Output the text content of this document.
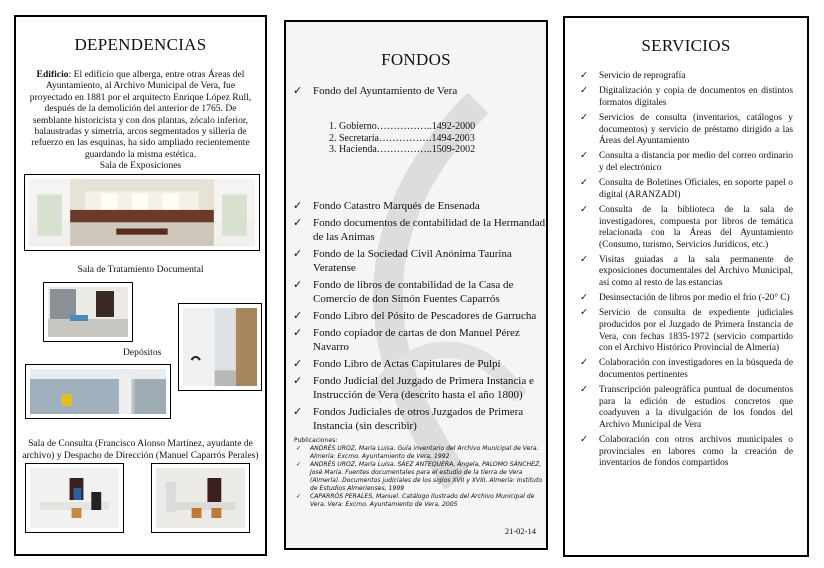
DEPENDENCIAS

Edificio: El edificio que alberga, entre otras Áreas del Ayuntamiento, al Archivo Municipal de Vera, fue proyectado en 1881 por el arquitecto Enrique López Rull, después de la demolición del anterior de 1765. De semblante historicista y con dos plantas, zócalo inferior, balaustradas y simetría, arcos segmentados y sillería de refuerzo en las esquinas, ha sido ampliado recientemente guardando la misma estética.

Sala de Exposiciones
Sala de Tratamiento Documental
Depósitos
Sala de Consulta (Francisco Alonso Martínez, ayudante de archivo) y Despacho de Dirección (Manuel Caparrós Perales)
FONDOS
✓ Fondo del Ayuntamiento de Vera

1. Gobierno……………..1492-2000

2. Secretaría…………….1494-2003

3. Hacienda……………..1509-2002

✓ Fondo Catastro Marqués de Ensenada
✓ Fondo documentos de contabilidad de la Hermandad de las Animas
✓ Fondo de la Sociedad Civil Anónima Taurina Veratense
✓ Fondo de libros de contabilidad de la Casa de Comercio de don Simón Fuentes Caparrós
✓ Fondo Libro del Pósito de Pescadores de Garrucha
✓ Fondo copiador de cartas de don Manuel Pérez Navarro
✓ Fondo Libro de Actas Capitulares de Pulpí
✓ Fondo Judicial del Juzgado de Primera Instancia e Instrucción de Vera (descrito hasta el año 1800)
✓ Fondos Judiciales de otros Juzgados de Primera Instancia (sin describir)
Publicaciones:
✓ ANDRÉS UROZ, María Luisa. Guía inventario del Archivo Municipal de Vera. Almería: Excmo. Ayuntamiento de Vera, 1992
✓ ANDRÉS UROZ, María Luisa, SÁEZ ANTEQUERA, Ángela, PALOMO SÁNCHEZ, José María. Fuentes documentales para el estudio de la tierra de Vera (Almería). Documentos judiciales de los siglos XVII y XVIII. Almería: Instituto de Estudios Almerienses, 1999
✓ CAPARRÓS PERALES, Manuel. Catálogo Ilustrado del Archivo Municipal de Vera. Vera: Excmo. Ayuntamiento de Vera, 2005
21-02-14
SERVICIOS
✓ Servicio de reprografía
✓ Digitalización y copia de documentos en distintos formatos digitales
✓ Servicios de consulta (inventarios, catálogos y documentos) y servicio de préstamo dirigido a las Áreas del Ayuntamiento
✓ Consulta a distancia por medio del correo ordinario y del electrónico
✓ Consulta de Boletines Oficiales, en soporte papel o digital (ARANZADI)
✓ Consulta de la biblioteca de la sala de investigadores, compuesta por libros de temática relacionada con la Áreas del Ayuntamiento (Consumo, turismo, Servicios Jurídicos, etc.)
✓ Visitas guiadas a la sala permanente de exposiciones documentales del Archivo Municipal, así como al resto de las estancias
✓ Desinsectación de libros por medio el frío (-20° C)
✓ Servicio de consulta de expediente judiciales producidos por el Juzgado de Primera Instancia de Vera, con fechas 1835-1972 (servicio compartido con el Archivo Histórico Provincial de Almería)
✓ Colaboración con investigadores en la búsqueda de documentos pertinentes
✓ Transcripción paleográfica puntual de documentos para la edición de estudios concretos que coadyuven a la divulgación de los fondos del Archivo Municipal de Vera
✓ Colaboración con otros archivos municipales o provinciales en labores como la creación de inventarios de fondos compartidos
